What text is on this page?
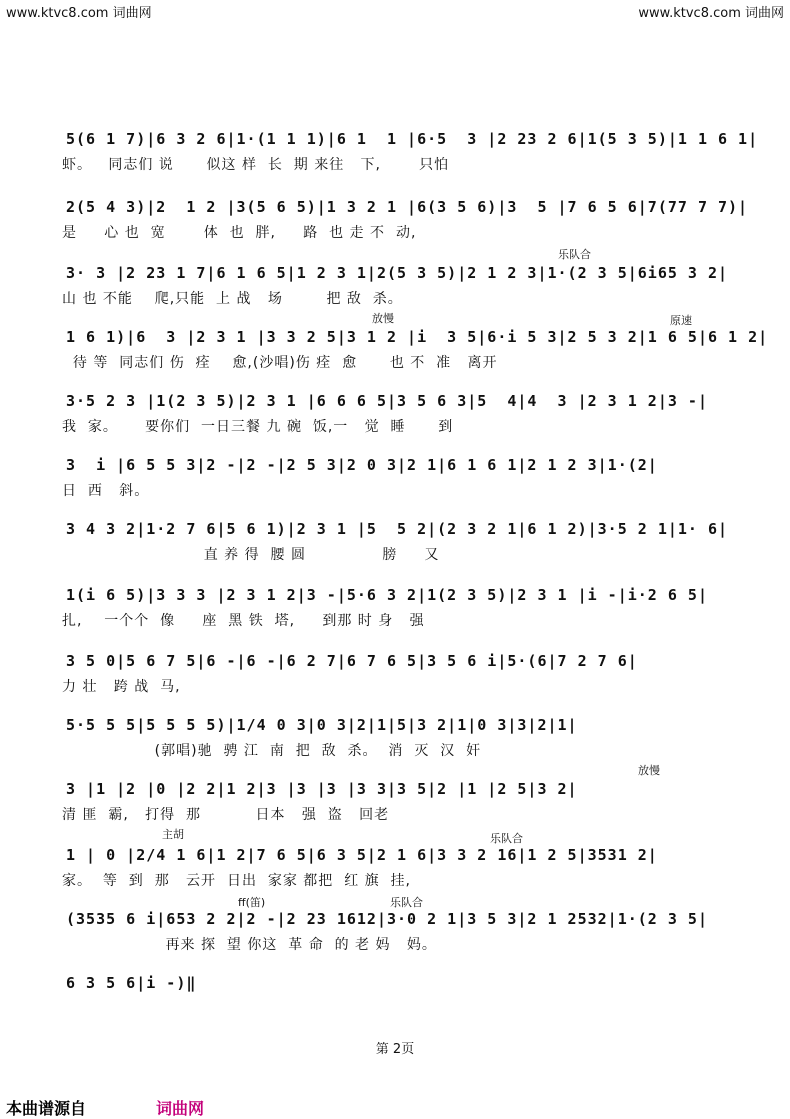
www.ktvc8.com 词曲网	www.ktvc8.com 词曲网
5(6 1 7)|6 3 2 6|1·(1 1 1)|6 1  1 |6·5  3 |2 23 2 6|1(5 3 5)|1 1 6 1|
虾。   同志们 说      似这 样  长  期 来往   下,       只怕
2(5 4 3)|2  1 2 |3(5 6 5)|1 3 2 1 |6(3 5 6)|3  5 |7 6 5 6|7(77 7 7)|
是     心 也  宽       体  也  胖,     路  也 走 不  动,
乐队合
3· 3 |2 23 1 7|6 1 6 5|1 2 3 1|2(5 3 5)|2 1 2 3|1·(2 3 5|6i65 3 2|
山 也 不能    爬,只能  上 战   场        把 敌  杀。
放慢	原速
1 6 1)|6  3 |2 3 1 |3 3 2 5|3 1 2 |i  3 5|6·i 5 3|2 5 3 2|1 6 5|6 1 2|
待 等  同志们 伤  痊    愈,(沙唱)伤 痊  愈      也 不  准   离开
3·5 2 3 |1(2 3 5)|2 3 1 |6 6 6 5|3 5 6 3|5  4|4  3 |2 3 1 2|3 -|
我  家。     要你们  一日三餐 九 碗  饭,一   觉  睡      到
3  i |6 5 5 3|2 -|2 -|2 5 3|2 0 3|2 1|6 1 6 1|2 1 2 3|1·(2|
日  西   斜。
3 4 3 2|1·2 7 6|5 6 1)|2 3 1 |5  5 2|(2 3 2 1|6 1 2)|3·5 2 1|1· 6|
直 养 得  腰 圆              膀     又
1(i 6 5)|3 3 3 |2 3 1 2|3 -|5·6 3 2|1(2 3 5)|2 3 1 |i -|i·2 6 5|
扎,    一个个  像     座  黑 铁  塔,     到那 时 身   强
3 5 0|5 6 7 5|6 -|6 -|6 2 7|6 7 6 5|3 5 6 i|5·(6|7 2 7 6|
力 壮   跨 战  马,
5·5 5 5|5 5 5 5)|1/4 0 3|0 3|2|1|5|3 2|1|0 3|3|2|1|
(郭唱)驰  骋 江  南  把  敌  杀。  消  灭  汉  奸
放慢
3 |1 |2 |0 |2 2|1 2|3 |3 |3 |3 3|3 5|2 |1 |2 5|3 2|
清 匪  霸,   打得  那          日本   强  盗   回老
主胡	乐队合
1 | 0 |2/4 1 6|1 2|7 6 5|6 3 5|2 1 6|3 3 2 16|1 2 5|3531 2|
家。  等  到  那   云开  日出  家家 都把  红 旗  挂,
ff(笛)	乐队合
(3535 6 i|653 2 2|2 -|2 23 1612|3·0 2 1|3 5 3|2 1 2532|1·(2 3 5|
再来 探  望 你这  革 命  的 老 妈   妈。
6 3 5 6|i -)‖
第 2页
本曲谱源自	词曲网
